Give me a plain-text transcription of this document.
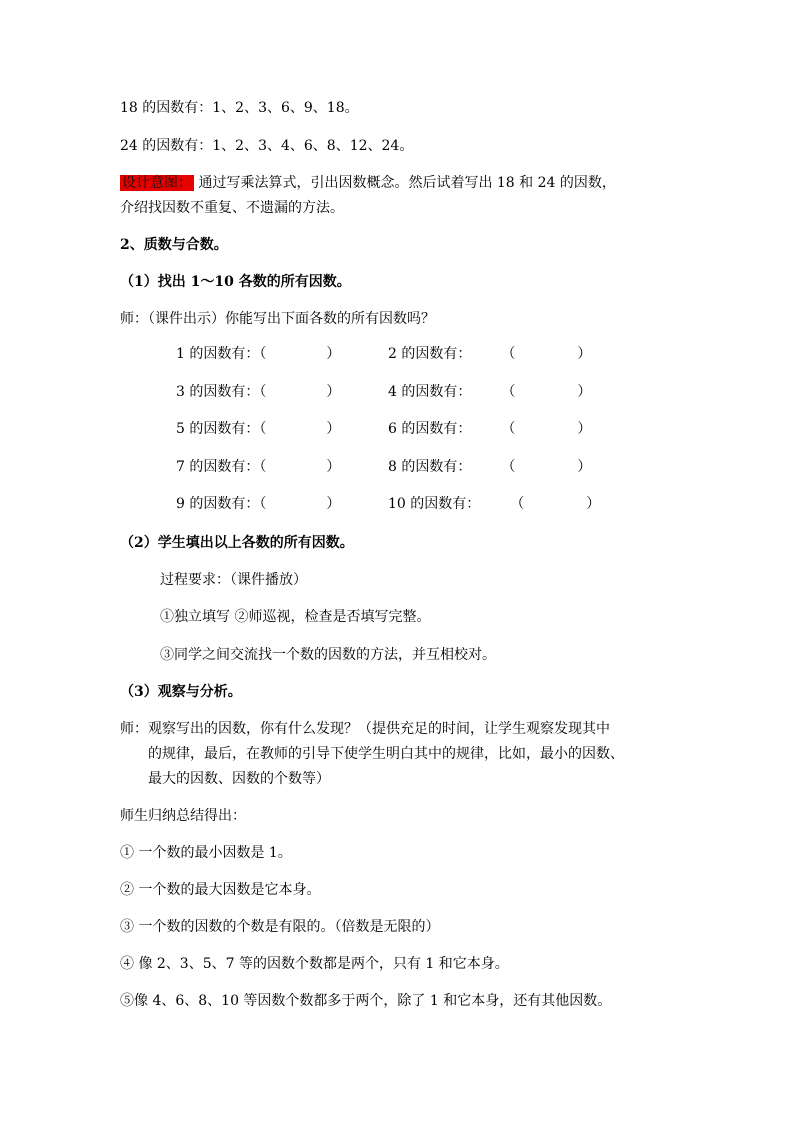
18 的因数有：1、2、3、6、9、18。
24 的因数有：1、2、3、4、6、8、12、24。
设计意图： 通过写乘法算式，引出因数概念。然后试着写出 18 和 24 的因数，
介绍找因数不重复、不遗漏的方法。
2、质数与合数。
（1）找出 1～10 各数的所有因数。
师：（课件出示）你能写出下面各数的所有因数吗？
1 的因数有：（	）	2 的因数有： （	）
3 的因数有：（	）	4 的因数有： （	）
5 的因数有：（	）	6 的因数有： （	）
7 的因数有：（	）	8 的因数有： （	）
9 的因数有：（	）	10 的因数有： （	）
（2）学生填出以上各数的所有因数。
过程要求：（课件播放）
①独立填写 ②师巡视，检查是否填写完整。
③同学之间交流找一个数的因数的方法，并互相校对。
（3）观察与分析。
师：观察写出的因数，你有什么发现？（提供充足的时间，让学生观察发现其中
的规律，最后，在教师的引导下使学生明白其中的规律，比如，最小的因数、
最大的因数、因数的个数等）
师生归纳总结得出：
① 一个数的最小因数是 1。
② 一个数的最大因数是它本身。
③ 一个数的因数的个数是有限的。（倍数是无限的）
④ 像 2、3、5、7 等的因数个数都是两个，只有 1 和它本身。
⑤像 4、6、8、10 等因数个数都多于两个，除了 1 和它本身，还有其他因数。
